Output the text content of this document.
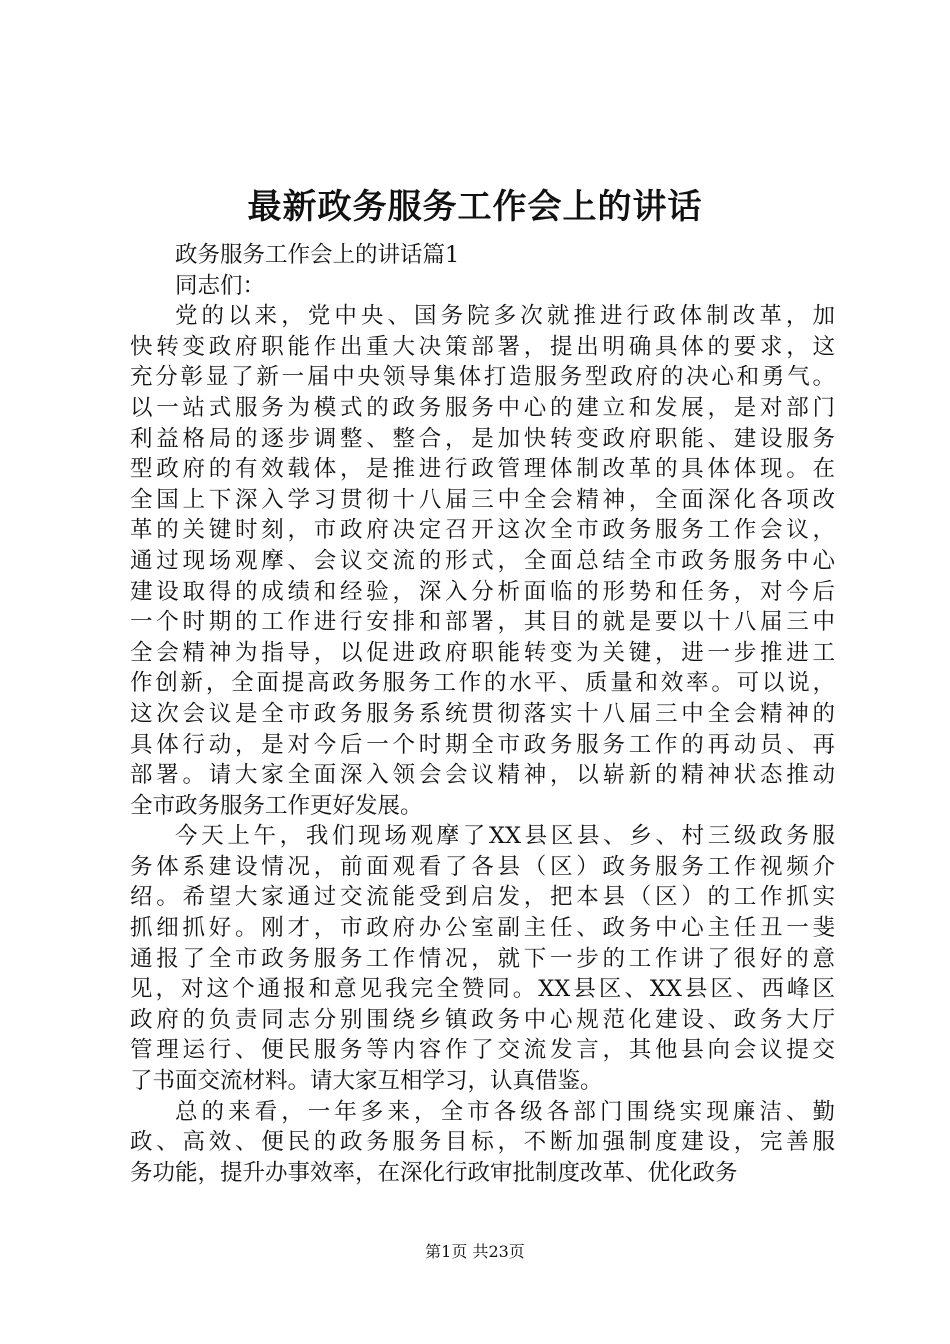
最新政务服务工作会上的讲话
政务服务工作会上的讲话篇1
同志们：
党的以来，党中央、国务院多次就推进行政体制改革，加
快转变政府职能作出重大决策部署，提出明确具体的要求，这
充分彰显了新一届中央领导集体打造服务型政府的决心和勇气。
以一站式服务为模式的政务服务中心的建立和发展，是对部门
利益格局的逐步调整、整合，是加快转变政府职能、建设服务
型政府的有效载体，是推进行政管理体制改革的具体体现。在
全国上下深入学习贯彻十八届三中全会精神，全面深化各项改
革的关键时刻，市政府决定召开这次全市政务服务工作会议，
通过现场观摩、会议交流的形式，全面总结全市政务服务中心
建设取得的成绩和经验，深入分析面临的形势和任务，对今后
一个时期的工作进行安排和部署，其目的就是要以十八届三中
全会精神为指导，以促进政府职能转变为关键，进一步推进工
作创新，全面提高政务服务工作的水平、质量和效率。可以说，
这次会议是全市政务服务系统贯彻落实十八届三中全会精神的
具体行动，是对今后一个时期全市政务服务工作的再动员、再
部署。请大家全面深入领会会议精神，以崭新的精神状态推动
全市政务服务工作更好发展。
今天上午，我们现场观摩了XX县区县、乡、村三级政务服
务体系建设情况，前面观看了各县（区）政务服务工作视频介
绍。希望大家通过交流能受到启发，把本县（区）的工作抓实
抓细抓好。刚才，市政府办公室副主任、政务中心主任丑一斐
通报了全市政务服务工作情况，就下一步的工作讲了很好的意
见，对这个通报和意见我完全赞同。XX县区、XX县区、西峰区
政府的负责同志分别围绕乡镇政务中心规范化建设、政务大厅
管理运行、便民服务等内容作了交流发言，其他县向会议提交
了书面交流材料。请大家互相学习，认真借鉴。
总的来看，一年多来，全市各级各部门围绕实现廉洁、勤
政、高效、便民的政务服务目标，不断加强制度建设，完善服
务功能，提升办事效率，在深化行政审批制度改革、优化政务
第1页 共23页
